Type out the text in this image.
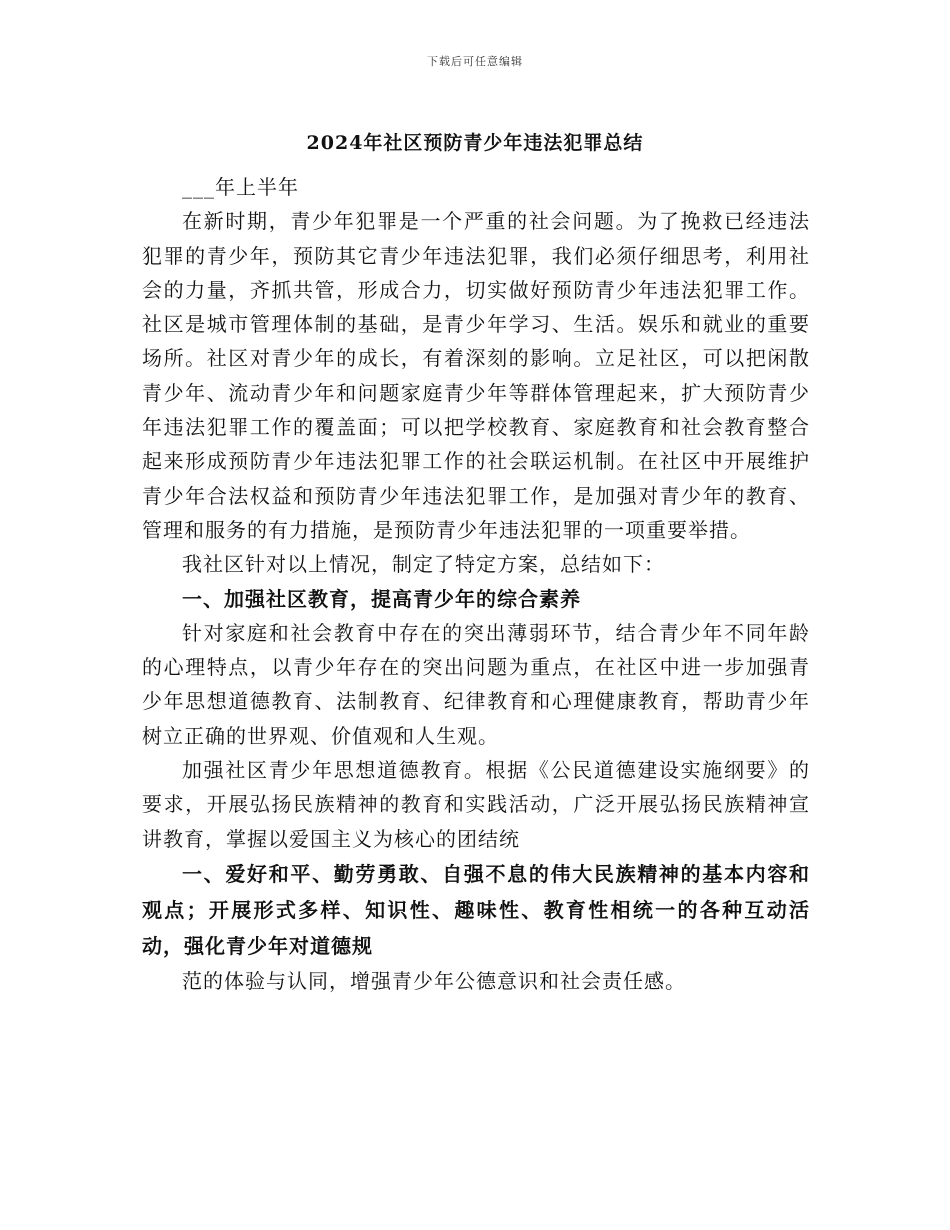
下载后可任意编辑
2024年社区预防青少年违法犯罪总结

___年上半年

在新时期，青少年犯罪是一个严重的社会问题。为了挽救已经违法犯罪的青少年，预防其它青少年违法犯罪，我们必须仔细思考，利用社会的力量，齐抓共管，形成合力，切实做好预防青少年违法犯罪工作。社区是城市管理体制的基础，是青少年学习、生活。娱乐和就业的重要场所。社区对青少年的成长，有着深刻的影响。立足社区，可以把闲散青少年、流动青少年和问题家庭青少年等群体管理起来，扩大预防青少年违法犯罪工作的覆盖面；可以把学校教育、家庭教育和社会教育整合起来形成预防青少年违法犯罪工作的社会联运机制。在社区中开展维护青少年合法权益和预防青少年违法犯罪工作，是加强对青少年的教育、管理和服务的有力措施，是预防青少年违法犯罪的一项重要举措。

我社区针对以上情况，制定了特定方案，总结如下：

一、加强社区教育，提高青少年的综合素养

针对家庭和社会教育中存在的突出薄弱环节，结合青少年不同年龄的心理特点，以青少年存在的突出问题为重点，在社区中进一步加强青少年思想道德教育、法制教育、纪律教育和心理健康教育，帮助青少年树立正确的世界观、价值观和人生观。

加强社区青少年思想道德教育。根据《公民道德建设实施纲要》的要求，开展弘扬民族精神的教育和实践活动，广泛开展弘扬民族精神宣讲教育，掌握以爱国主义为核心的团结统

一、爱好和平、勤劳勇敢、自强不息的伟大民族精神的基本内容和观点；开展形式多样、知识性、趣味性、教育性相统一的各种互动活动，强化青少年对道德规

范的体验与认同，增强青少年公德意识和社会责任感。
